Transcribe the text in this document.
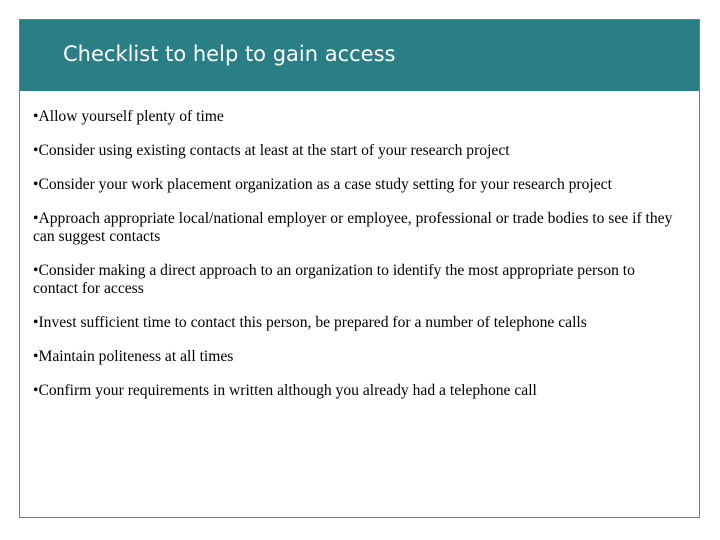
Checklist to help to gain access
•Allow yourself plenty of time
•Consider using existing contacts at least at the start of your research project
•Consider your work placement organization as a case study setting for your research project
•Approach appropriate local/national employer or employee, professional or trade bodies to see if they can suggest contacts
•Consider making a direct approach to an organization to identify the most appropriate person to contact for access
•Invest sufficient time to contact this person, be prepared for a number of telephone calls
•Maintain politeness at all times
•Confirm your requirements in written although you already had a telephone call
